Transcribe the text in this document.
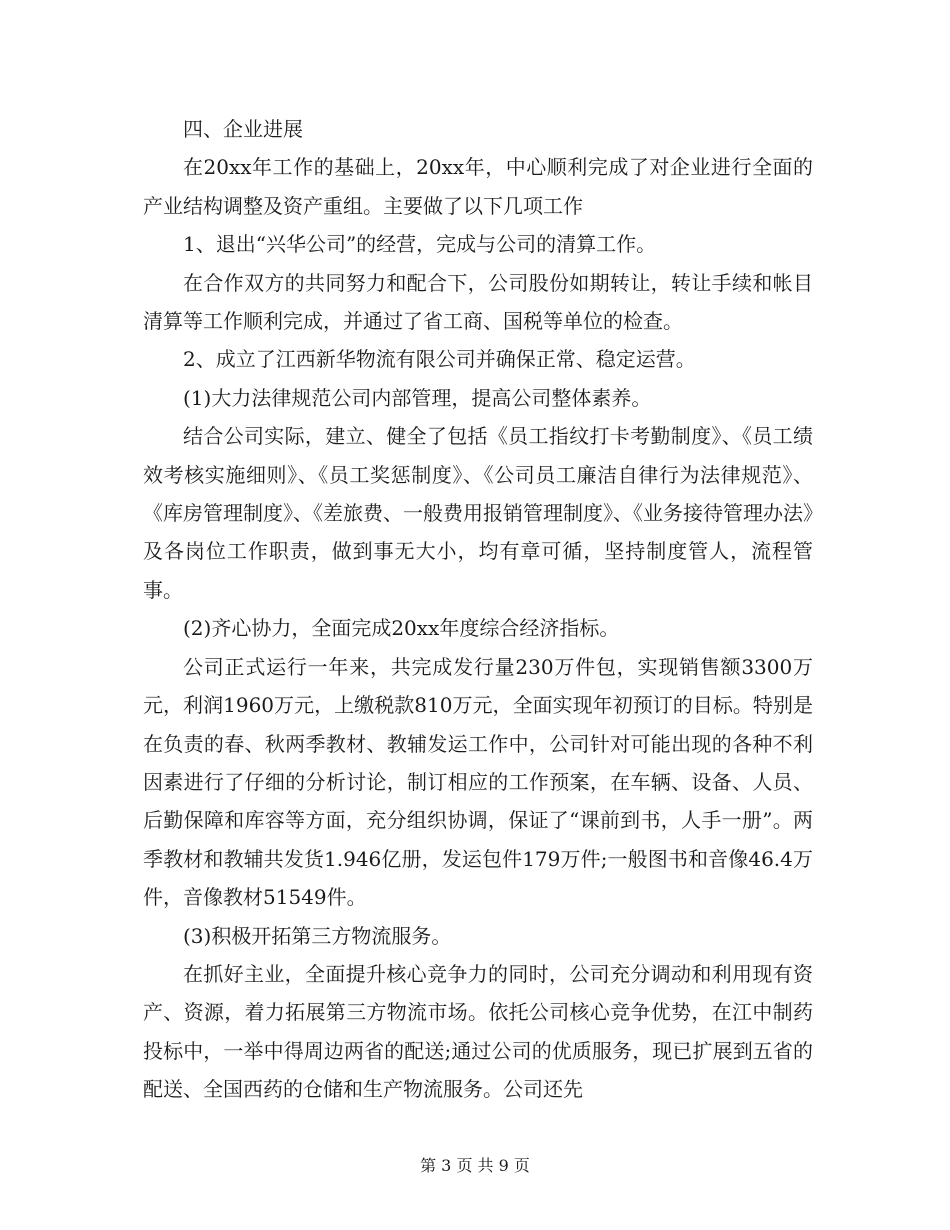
四、企业进展

在20xx年工作的基础上，20xx年，中心顺利完成了对企业进行全面的产业结构调整及资产重组。主要做了以下几项工作

1、退出“兴华公司”的经营，完成与公司的清算工作。

在合作双方的共同努力和配合下，公司股份如期转让，转让手续和帐目清算等工作顺利完成，并通过了省工商、国税等单位的检查。

2、成立了江西新华物流有限公司并确保正常、稳定运营。

(1)大力法律规范公司内部管理，提高公司整体素养。

结合公司实际，建立、健全了包括《员工指纹打卡考勤制度》、《员工绩效考核实施细则》、《员工奖惩制度》、《公司员工廉洁自律行为法律规范》、《库房管理制度》、《差旅费、一般费用报销管理制度》、《业务接待管理办法》及各岗位工作职责，做到事无大小，均有章可循，坚持制度管人，流程管事。

(2)齐心协力，全面完成20xx年度综合经济指标。

公司正式运行一年来，共完成发行量230万件包，实现销售额3300万元，利润1960万元，上缴税款810万元，全面实现年初预订的目标。特别是在负责的春、秋两季教材、教辅发运工作中，公司针对可能出现的各种不利因素进行了仔细的分析讨论，制订相应的工作预案，在车辆、设备、人员、后勤保障和库容等方面，充分组织协调，保证了“课前到书，人手一册”。两季教材和教辅共发货1.946亿册，发运包件179万件;一般图书和音像46.4万件，音像教材51549件。

(3)积极开拓第三方物流服务。

在抓好主业，全面提升核心竞争力的同时，公司充分调动和利用现有资产、资源，着力拓展第三方物流市场。依托公司核心竞争优势，在江中制药投标中，一举中得周边两省的配送;通过公司的优质服务，现已扩展到五省的配送、全国西药的仓储和生产物流服务。公司还先

第 3 页 共 9 页
